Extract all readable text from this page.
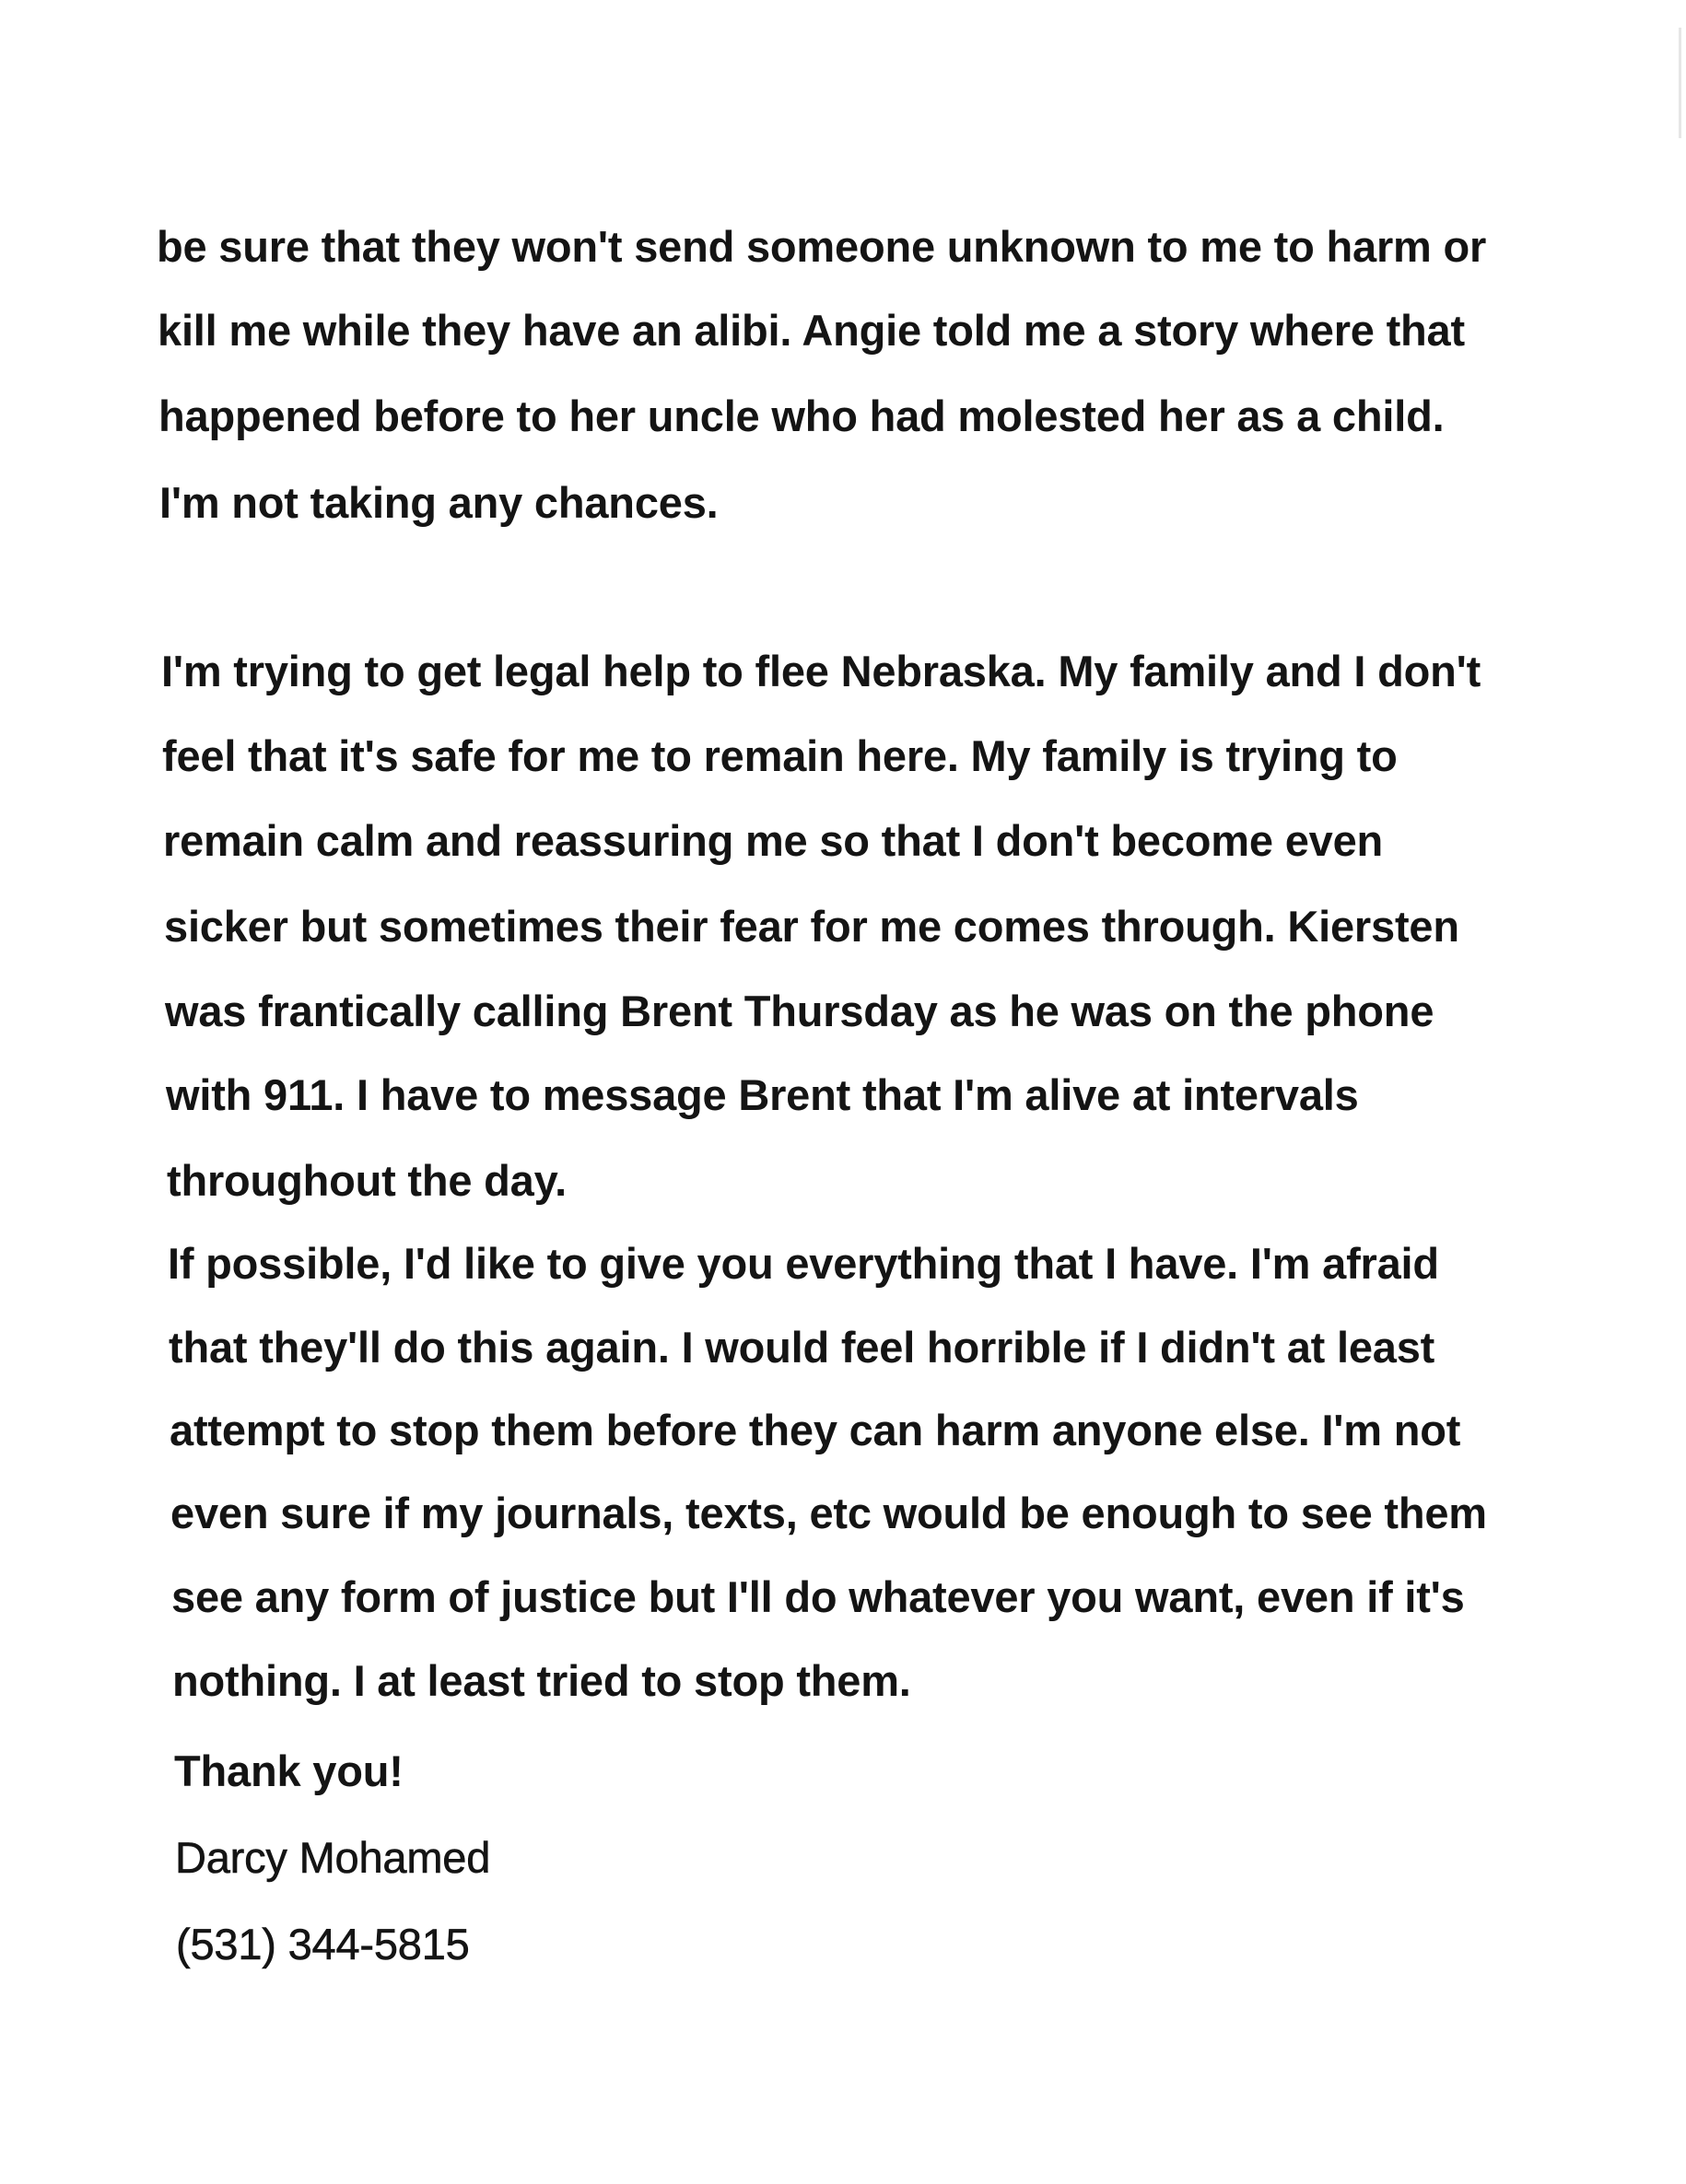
be sure that they won't send someone unknown to me to harm or

kill me while they have an alibi. Angie told me a story where that

happened before to her uncle who had molested her as a child.

I'm not taking any chances.

I'm trying to get legal help to flee Nebraska. My family and I don't

feel that it's safe for me to remain here. My family is trying to

remain calm and reassuring me so that I don't become even

sicker but sometimes their fear for me comes through. Kiersten

was frantically calling Brent Thursday as he was on the phone

with 911. I have to message Brent that I'm alive at intervals

throughout the day.

If possible, I'd like to give you everything that I have. I'm afraid

that they'll do this again. I would feel horrible if I didn't at least

attempt to stop them before they can harm anyone else. I'm not

even sure if my journals, texts, etc would be enough to see them

see any form of justice but I'll do whatever you want, even if it's

nothing. I at least tried to stop them.

Thank you!

Darcy Mohamed

(531) 344-5815
